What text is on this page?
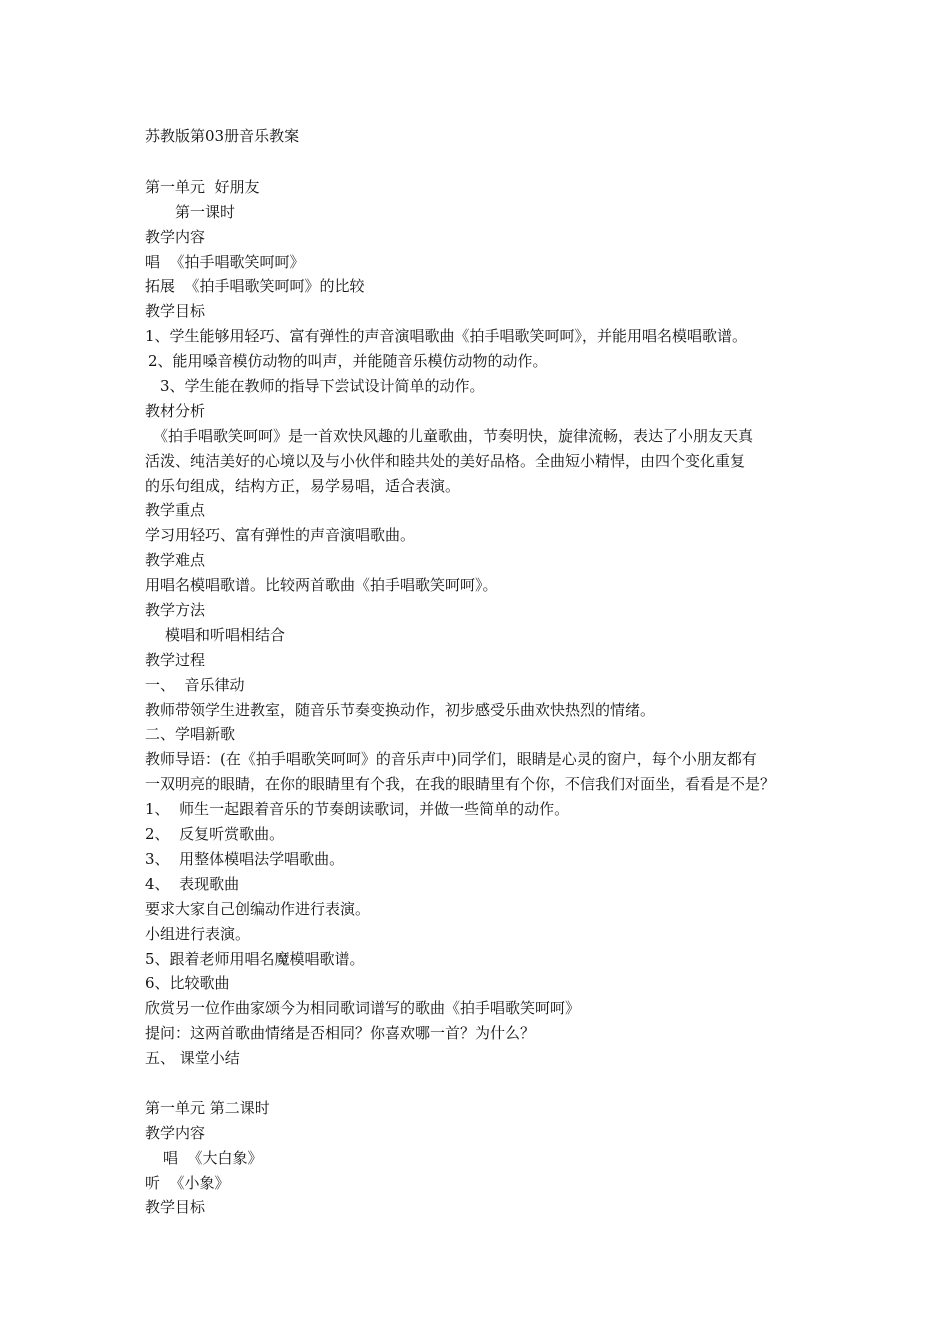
苏教版第03册音乐教案
第一单元  好朋友
第一课时
教学内容
唱  《拍手唱歌笑呵呵》
拓展  《拍手唱歌笑呵呵》的比较
教学目标
1、学生能够用轻巧、富有弹性的声音演唱歌曲《拍手唱歌笑呵呵》，并能用唱名模唱歌谱。
2、能用嗓音模仿动物的叫声，并能随音乐模仿动物的动作。
3、学生能在教师的指导下尝试设计简单的动作。
教材分析
《拍手唱歌笑呵呵》是一首欢快风趣的儿童歌曲，节奏明快，旋律流畅，表达了小朋友天真
活泼、纯洁美好的心境以及与小伙伴和睦共处的美好品格。全曲短小精悍，由四个变化重复
的乐句组成，结构方正，易学易唱，适合表演。
教学重点
学习用轻巧、富有弹性的声音演唱歌曲。
教学难点
用唱名模唱歌谱。比较两首歌曲《拍手唱歌笑呵呵》。
教学方法
模唱和听唱相结合
教学过程
一、  音乐律动
教师带领学生进教室，随音乐节奏变换动作，初步感受乐曲欢快热烈的情绪。
二、学唱新歌
教师导语：(在《拍手唱歌笑呵呵》的音乐声中)同学们，眼睛是心灵的窗户，每个小朋友都有
一双明亮的眼睛，在你的眼睛里有个我，在我的眼睛里有个你，不信我们对面坐，看看是不是？
1、  师生一起跟着音乐的节奏朗读歌词，并做一些简单的动作。
2、  反复听赏歌曲。
3、  用整体模唱法学唱歌曲。
4、  表现歌曲
要求大家自己创编动作进行表演。
小组进行表演。
5、跟着老师用唱名魔模唱歌谱。
6、比较歌曲
欣赏另一位作曲家颂今为相同歌词谱写的歌曲《拍手唱歌笑呵呵》
提问：这两首歌曲情绪是否相同？你喜欢哪一首？为什么？
五、 课堂小结
第一单元 第二课时
教学内容
唱  《大白象》
听  《小象》
教学目标
